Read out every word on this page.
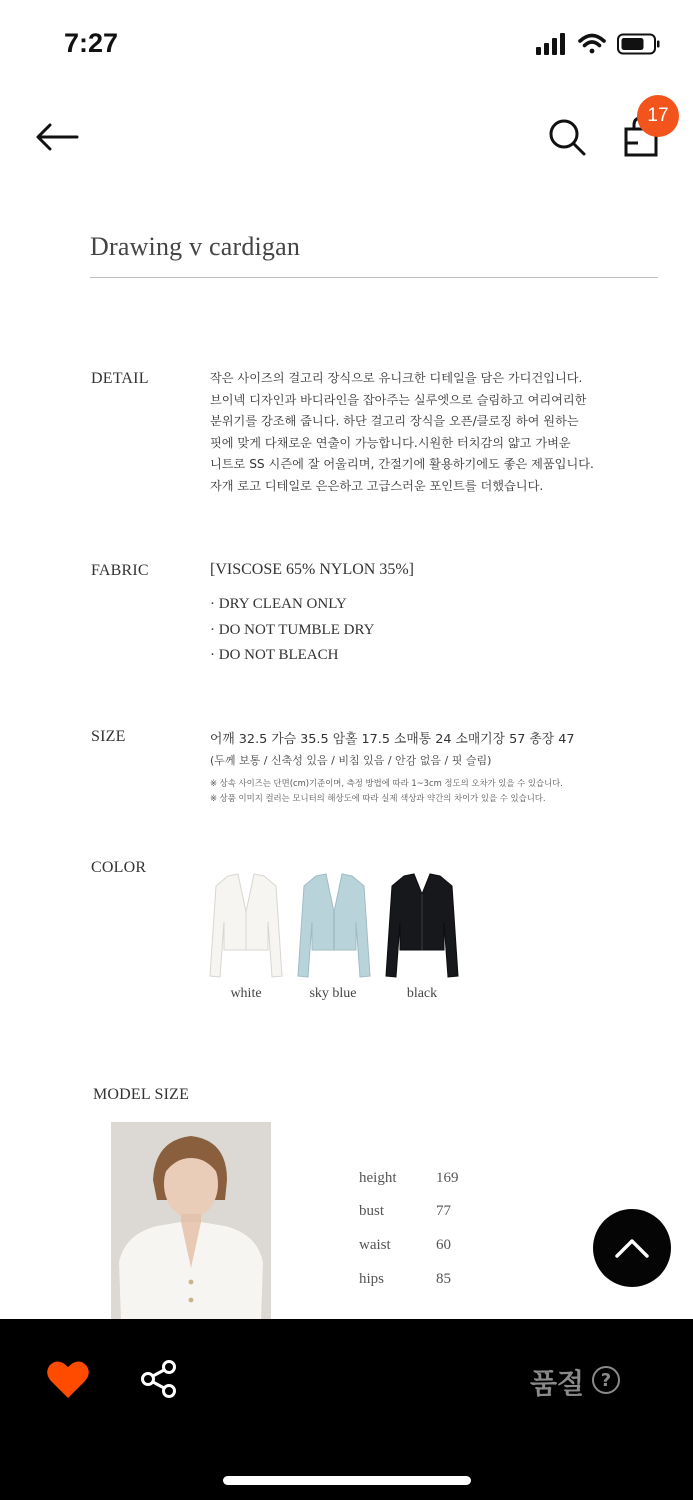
7:27
17
Drawing v cardigan
DETAIL	작은 사이즈의 걸고리 장식으로 유니크한 디테일을 담은 가디건입니다.
브이넥 디자인과 바디라인을 잡아주는 실루엣으로 슬림하고 여리여리한
분위기를 강조해 줍니다. 하단 걸고리 장식을 오픈/클로징 하여 원하는
핏에 맞게 다채로운 연출이 가능합니다.시원한 터치감의 얇고 가벼운
니트로 SS 시즌에 잘 어울리며, 간절기에 활용하기에도 좋은 제품입니다.
자개 로고 디테일로 은은하고 고급스러운 포인트를 더했습니다.
FABRIC	[VISCOSE 65% NYLON 35%]
· DRY CLEAN ONLY
· DO NOT TUMBLE DRY
· DO NOT BLEACH
SIZE	어깨 32.5 가슴 35.5 암홀 17.5 소매통 24 소매기장 57 총장 47
(두께 보통 / 신축성 있음 / 비침 있음 / 안감 없음 / 핏 슬림)
※ 상속 사이즈는 단면(cm)기준이며, 측정 방법에 따라 1~3cm 정도의 오차가 있을 수 있습니다.
※ 상품 이미지 컬러는 모니터의 해상도에 따라 실제 색상과 약간의 차이가 있을 수 있습니다.
COLOR
white	sky blue	black
MODEL SIZE
height	169
bust	77
waist	60
hips	85
품절 ?
